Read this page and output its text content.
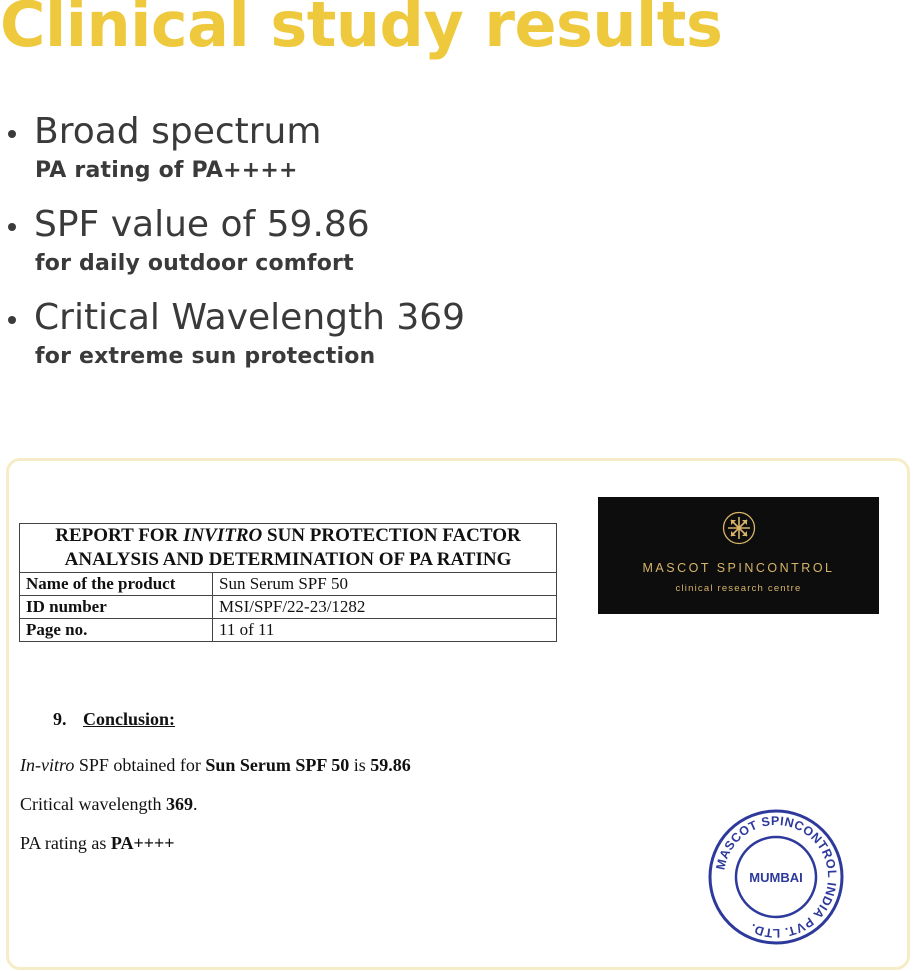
Clinical study results
Broad spectrum
PA rating of PA++++
SPF value of 59.86
for daily outdoor comfort
Critical Wavelength 369
for extreme sun protection
REPORT FOR INVITRO SUN PROTECTION FACTOR
ANALYSIS AND DETERMINATION OF PA RATING	
Name of the product	Sun Serum SPF 50
ID number	MSI/SPF/22-23/1282
Page no.	11 of 11
MASCOT SPINCONTROL
clinical research centre
9. Conclusion:
In-vitro SPF obtained for Sun Serum SPF 50 is 59.86
Critical wavelength 369.
PA rating as PA++++
MASCOT SPINCONTROL INDIA PVT. LTD.
MUMBAI
